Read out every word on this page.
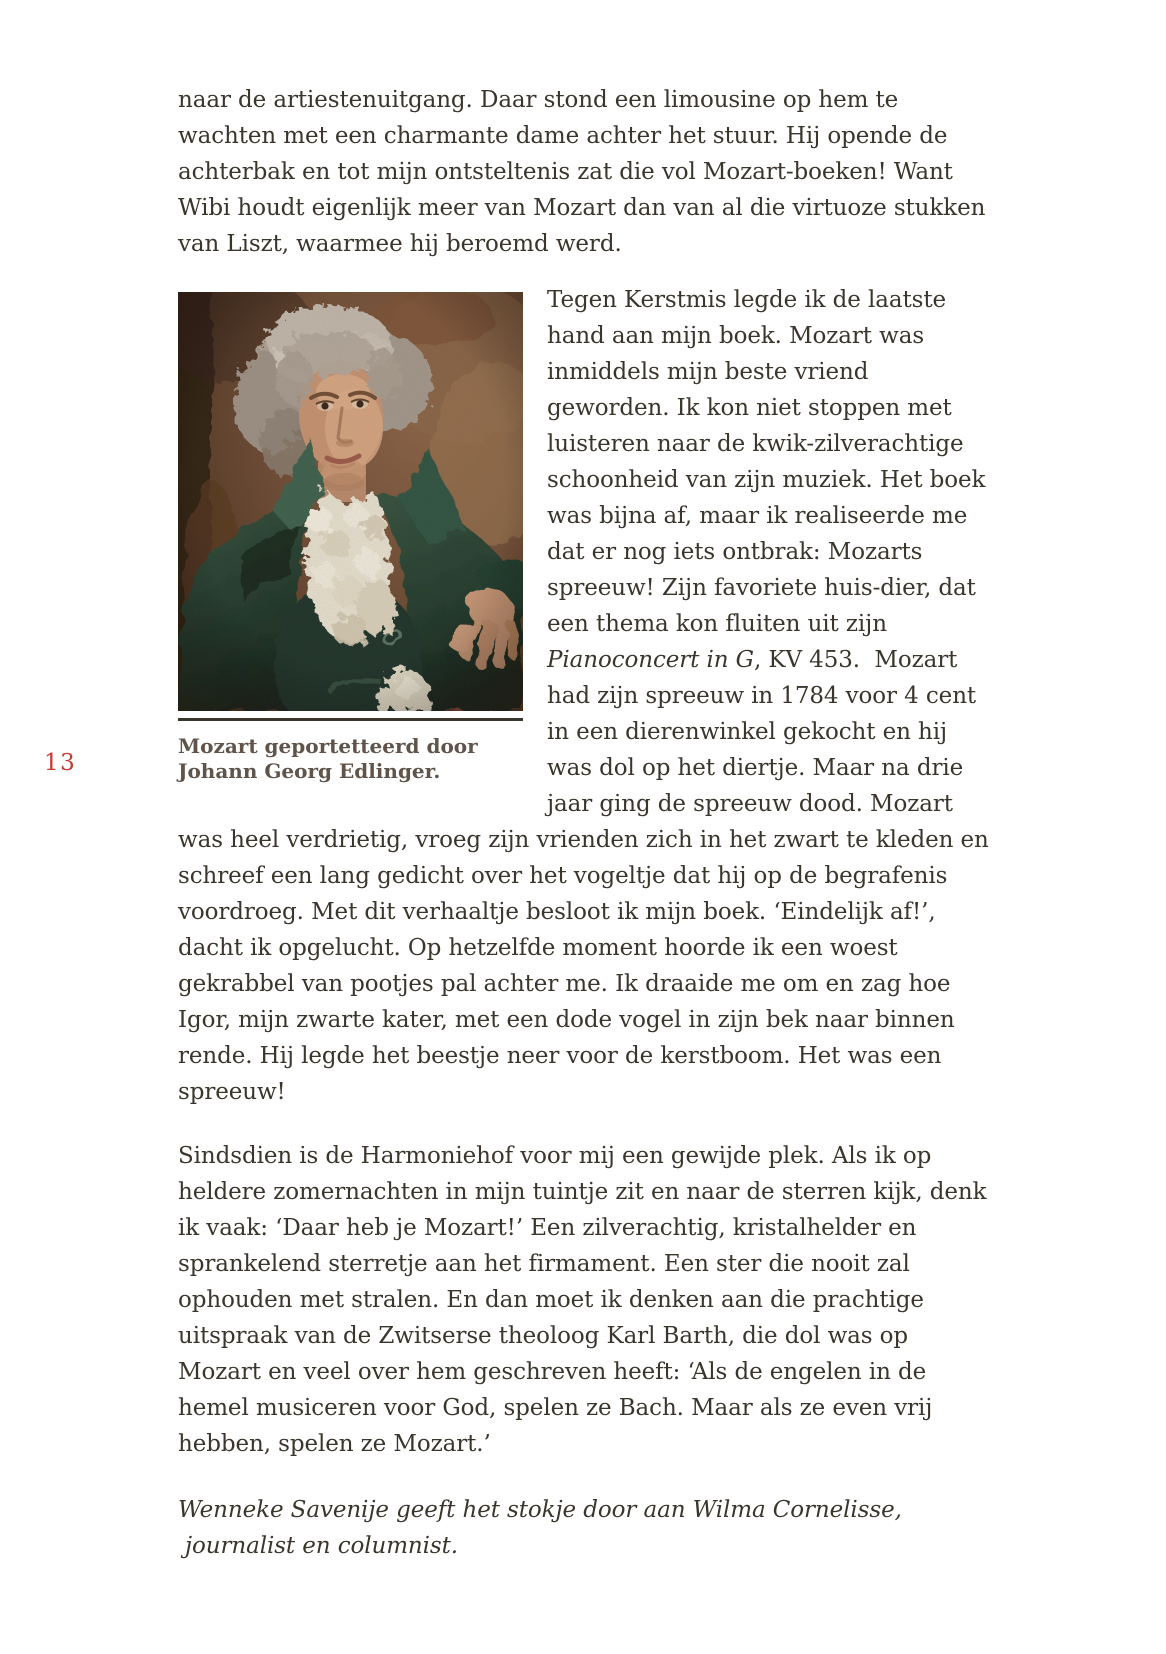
13

naar de artiestenuitgang. Daar stond een limousine op hem te wachten met een charmante dame achter het stuur. Hij opende de achterbak en tot mijn ontsteltenis zat die vol Mozart-boeken! Want Wibi houdt eigenlijk meer van Mozart dan van al die virtuoze stukken van Liszt, waarmee hij beroemd werd.

Mozart geportetteerd door
Johann Georg Edlinger.
Tegen Kerstmis legde ik de laatste hand aan mijn boek. Mozart was inmiddels mijn beste vriend geworden. Ik kon niet stoppen met luisteren naar de kwik-zilverachtige schoonheid van zijn muziek. Het boek was bijna af, maar ik realiseerde me dat er nog iets ontbrak: Mozarts spreeuw! Zijn favoriete huis-dier, dat een thema kon fluiten uit zijn Pianoconcert in G, KV 453.  Mozart had zijn spreeuw in 1784 voor 4 cent in een dierenwinkel gekocht en hij was dol op het diertje. Maar na drie jaar ging de spreeuw dood. Mozart was heel verdrietig, vroeg zijn vrienden zich in het zwart te kleden en schreef een lang gedicht over het vogeltje dat hij op de begrafenis voordroeg. Met dit verhaaltje besloot ik mijn boek. ‘Eindelijk af!’, dacht ik opgelucht. Op hetzelfde moment hoorde ik een woest gekrabbel van pootjes pal achter me. Ik draaide me om en zag hoe Igor, mijn zwarte kater, met een dode vogel in zijn bek naar binnen rende. Hij legde het beestje neer voor de kerstboom. Het was een spreeuw!

Sindsdien is de Harmoniehof voor mij een gewijde plek. Als ik op heldere zomernachten in mijn tuintje zit en naar de sterren kijk, denk ik vaak: ‘Daar heb je Mozart!’ Een zilverachtig, kristalhelder en sprankelend sterretje aan het firmament. Een ster die nooit zal ophouden met stralen. En dan moet ik denken aan die prachtige uitspraak van de Zwitserse theoloog Karl Barth, die dol was op Mozart en veel over hem geschreven heeft: ‘Als de engelen in de hemel musiceren voor God, spelen ze Bach. Maar als ze even vrij hebben, spelen ze Mozart.’

Wenneke Savenije geeft het stokje door aan Wilma Cornelisse,
journalist en columnist.
